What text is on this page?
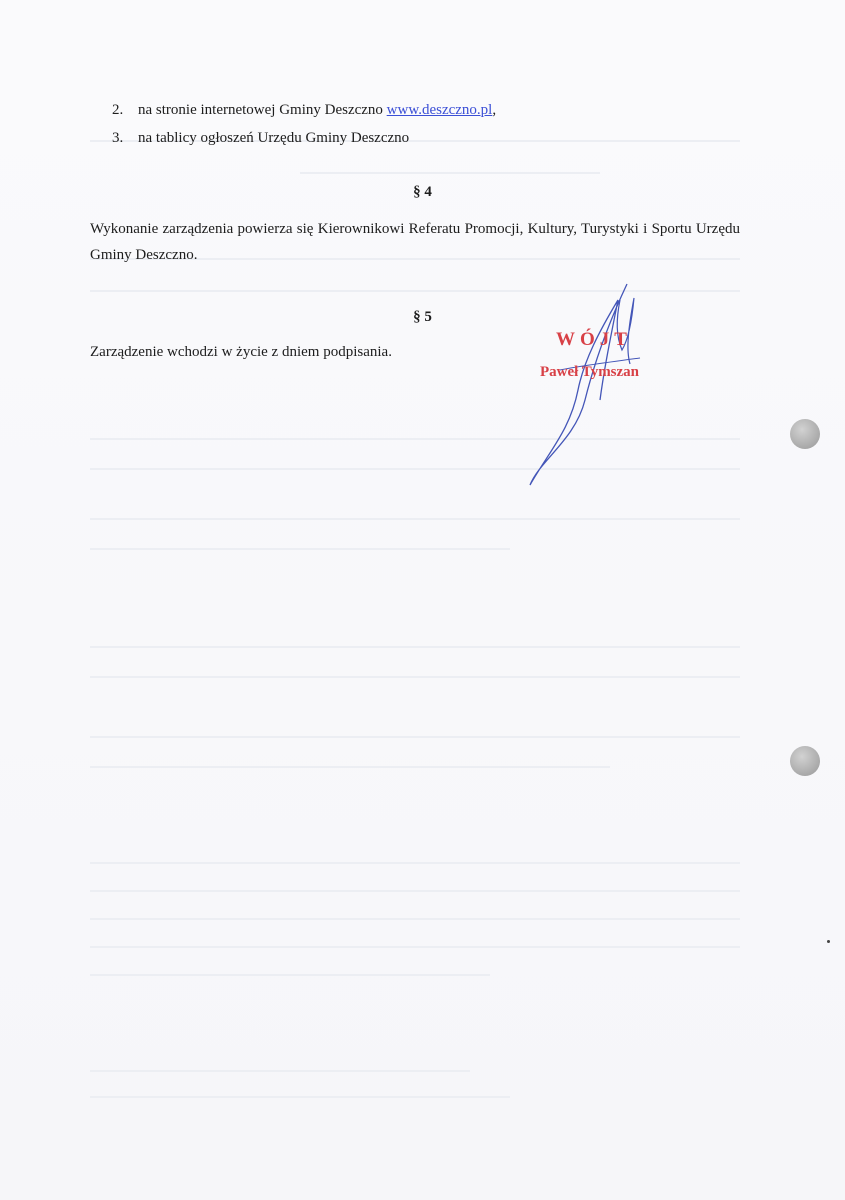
2. na stronie internetowej Gminy Deszczno www.deszczno.pl,
3. na tablicy ogłoszeń Urzędu Gminy Deszczno
§ 4
Wykonanie zarządzenia powierza się Kierownikowi Referatu Promocji, Kultury, Turystyki i Sportu Urzędu Gminy Deszczno.
§ 5
Zarządzenie wchodzi w życie z dniem podpisania.
WÓJT
Paweł Tymszan
